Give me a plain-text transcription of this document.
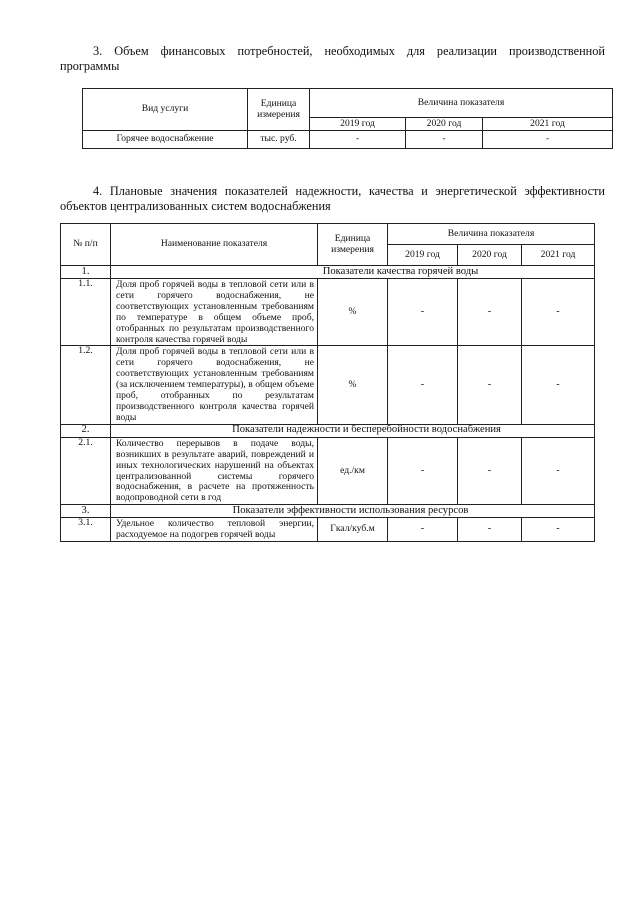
3. Объем финансовых потребностей, необходимых для реализации производственной программы
Вид услуги	Единица измерения	Величина показателя		
		2019 год	2020 год	2021 год
Горячее водоснабжение	тыс. руб.	-	-	-
4. Плановые значения показателей надежности, качества и энергетической эффективности объектов централизованных систем водоснабжения
№ п/п	Наименование показателя	Единица измерения	Величина показателя		
			2019 год	2020 год	2021 год
1.	Показатели качества горячей воды				
1.1.	Доля проб горячей воды в тепловой сети или в сети горячего водоснабжения, не соответствующих установленным требованиям по температуре в общем объеме проб, отобранных по результатам производственного контроля качества горячей воды	%	-	-	-
1.2.	Доля проб горячей воды в тепловой сети или в сети горячего водоснабжения, не соответствующих установленным требованиям (за исключением температуры), в общем объеме проб, отобранных по результатам производственного контроля качества горячей воды	%	-	-	-
2.	Показатели надежности и бесперебойности водоснабжения				
2.1.	Количество перерывов в подаче воды, возникших в результате аварий, повреждений и иных технологических нарушений на объектах централизованной системы горячего водоснабжения, в расчете на протяженность водопроводной сети в год	ед./км	-	-	-
3.	Показатели эффективности использования ресурсов				
3.1.	Удельное количество тепловой энергии, расходуемое на подогрев горячей воды	Гкал/куб.м	-	-	-
